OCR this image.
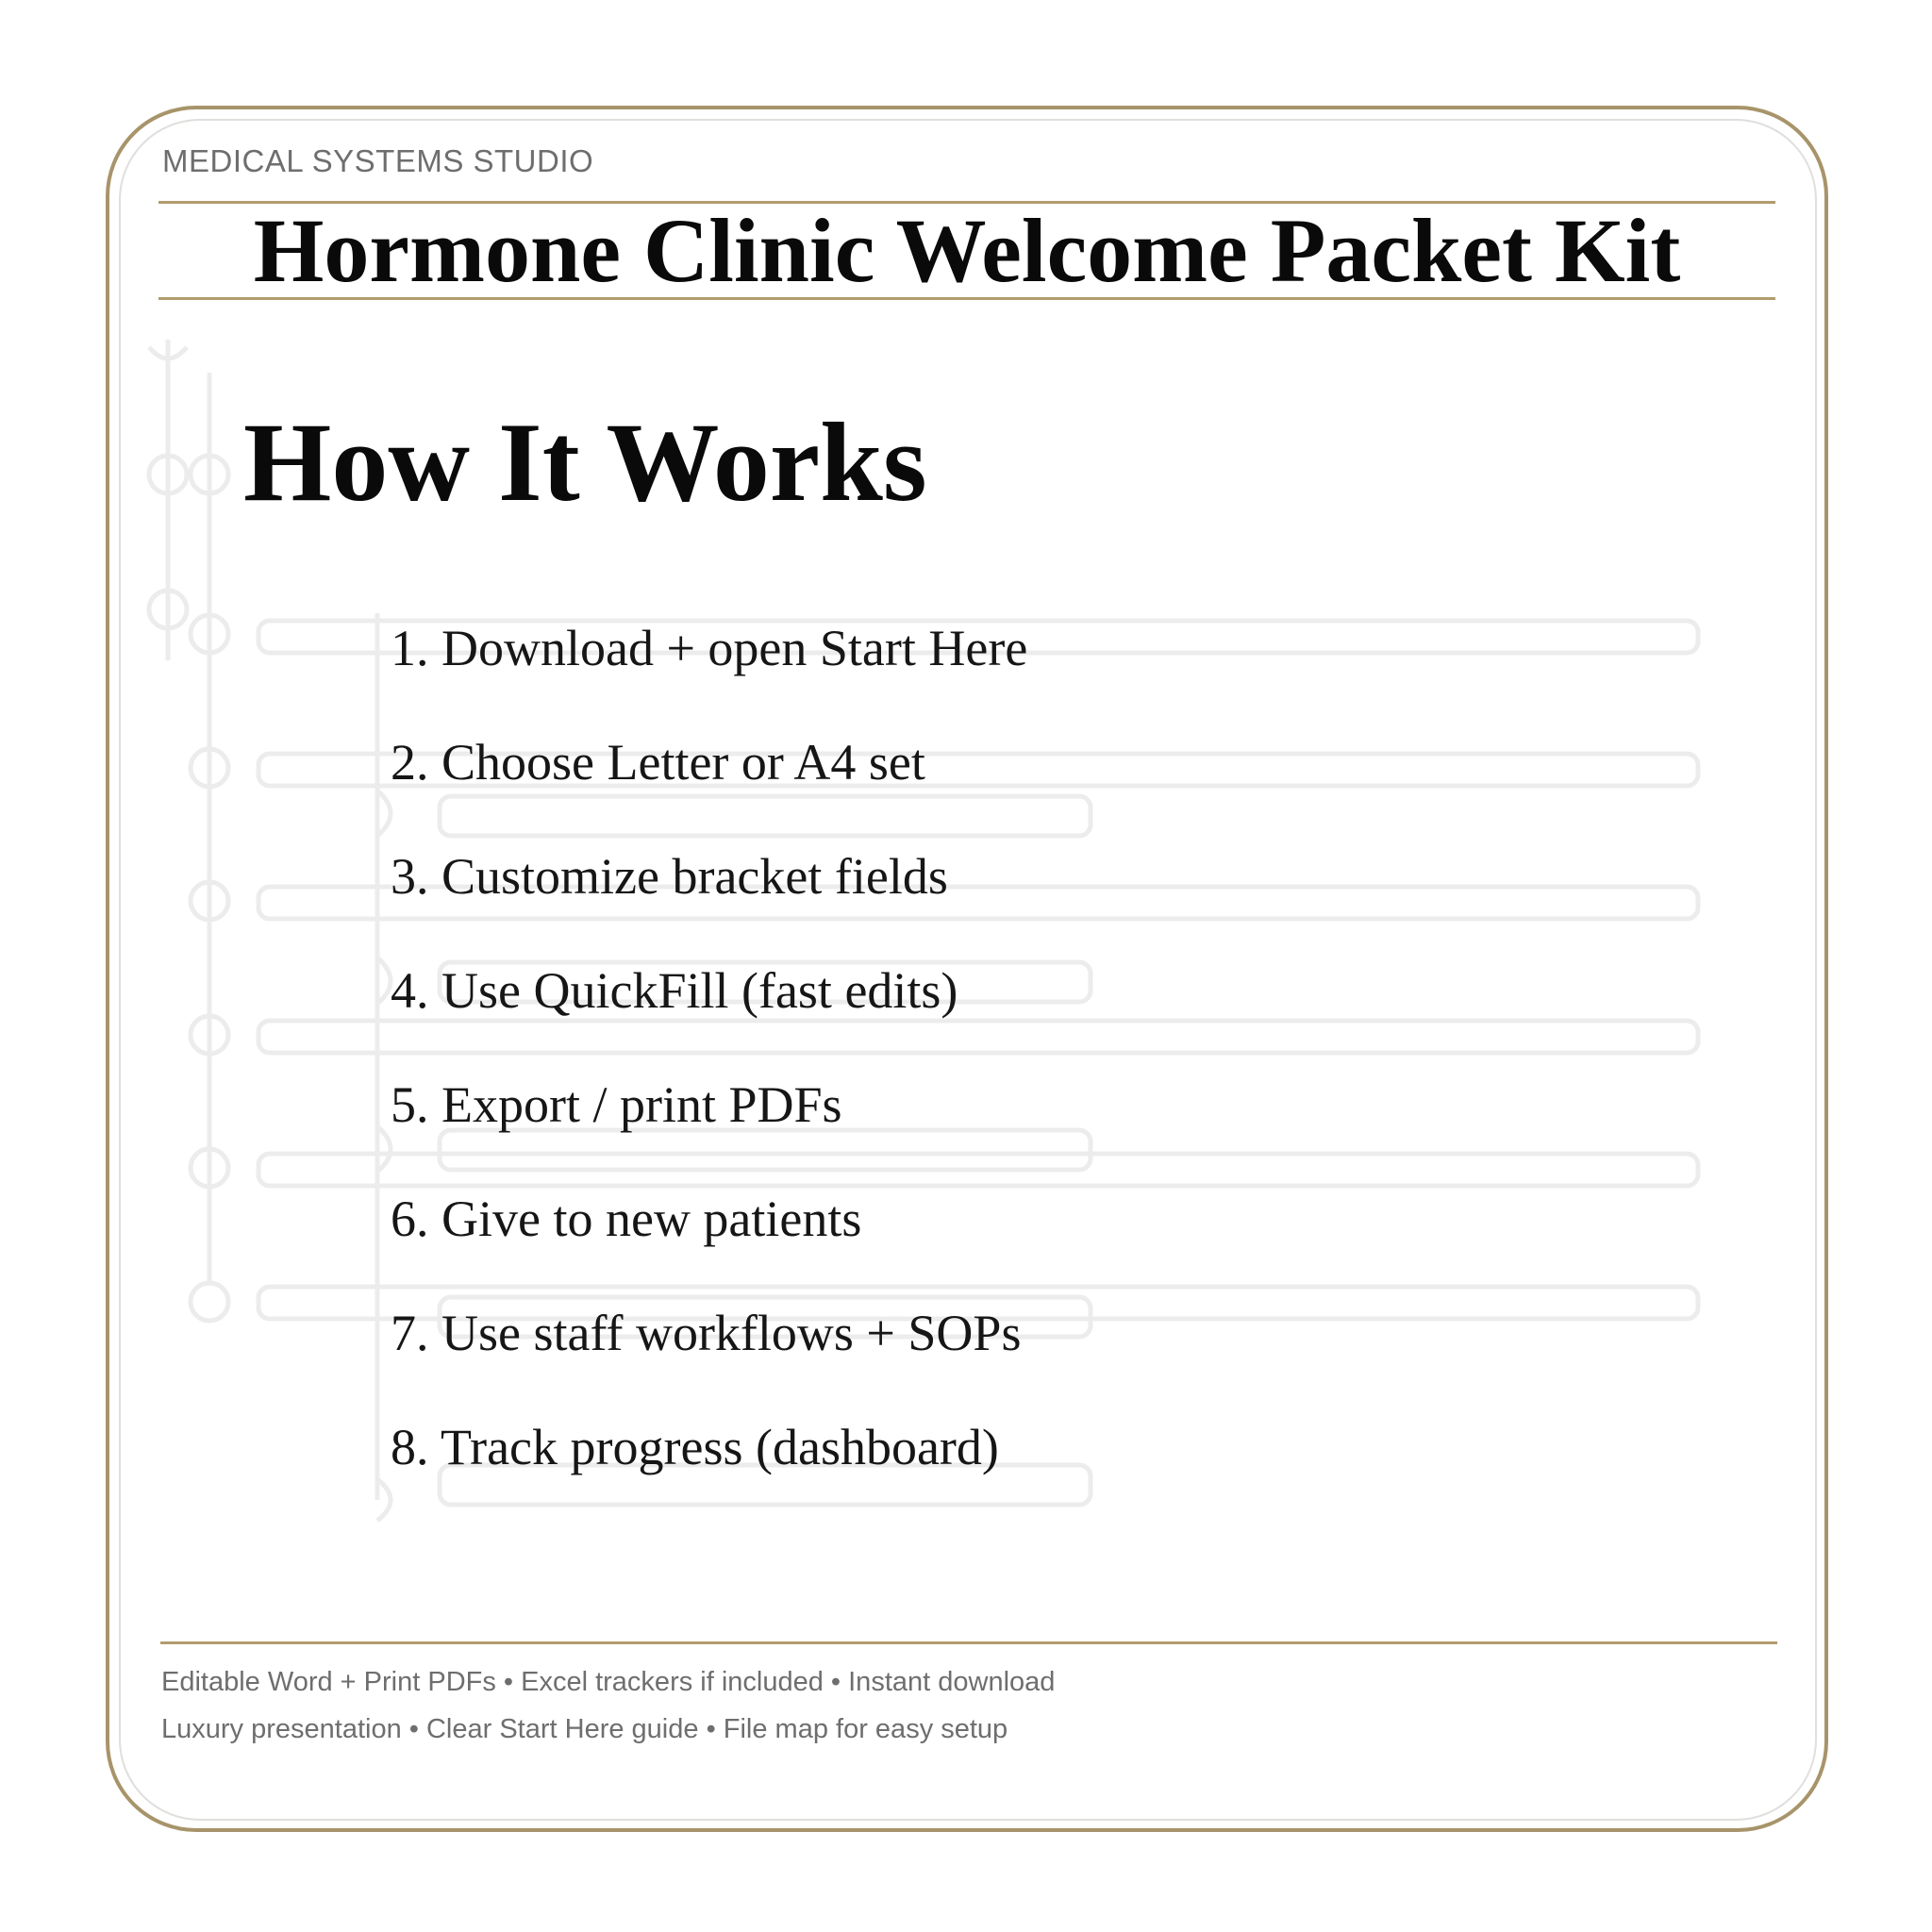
MEDICAL SYSTEMS STUDIO
Hormone Clinic Welcome Packet Kit
How It Works
1. Download + open Start Here
2. Choose Letter or A4 set
3. Customize bracket fields
4. Use QuickFill (fast edits)
5. Export / print PDFs
6. Give to new patients
7. Use staff workflows + SOPs
8. Track progress (dashboard)
Editable Word + Print PDFs • Excel trackers if included • Instant download
Luxury presentation • Clear Start Here guide • File map for easy setup
